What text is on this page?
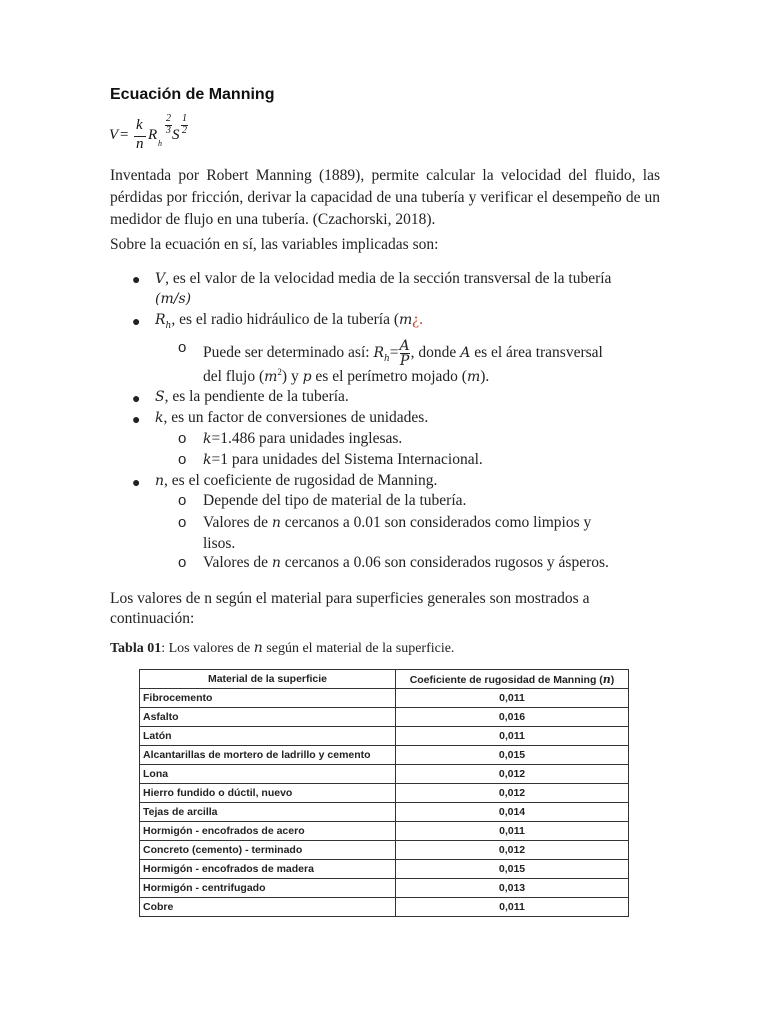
Ecuación de Manning
V =
k
n
R
h
2
3 S
1
2

Inventada por Robert Manning (1889), permite calcular la velocidad del fluido, las pérdidas por fricción, derivar la capacidad de una tubería y verificar el desempeño de un medidor de flujo en una tubería. (Czachorski, 2018).

Sobre la ecuación en sí, las variables implicadas son:
● V, es el valor de la velocidad media de la sección transversal de la tubería
(m/s)
● $R_h$, es el radio hidráulico de la tubería (m¿.
o Puede ser determinado así: $R_h= \frac{A}{P}$ , donde A es el área transversal
del flujo $(m^2)$ y p es el perímetro mojado (m).
● S, es la pendiente de la tubería.
● k, es un factor de conversiones de unidades.
o k=1.486 para unidades inglesas.
o k=1 para unidades del Sistema Internacional.
● n, es el coeficiente de rugosidad de Manning.
o Depende del tipo de material de la tubería.
o Valores de n cercanos a 0.01 son considerados como limpios y
lisos.
o Valores de n cercanos a 0.06 son considerados rugosos y ásperos.
Los valores de n según el material para superficies generales son mostrados a
continuación:
Tabla 01: Los valores de n según el material de la superficie.
Material de la superficie	Coeficiente de rugosidad de Manning (n)
Fibrocemento	0,011
Asfalto	0,016
Latón	0,011
Alcantarillas de mortero de ladrillo y cemento	0,015
Lona	0,012
Hierro fundido o dúctil, nuevo	0,012
Tejas de arcilla	0,014
Hormigón - encofrados de acero	0,011
Concreto (cemento) - terminado	0,012
Hormigón - encofrados de madera	0,015
Hormigón - centrifugado	0,013
Cobre	0,011
